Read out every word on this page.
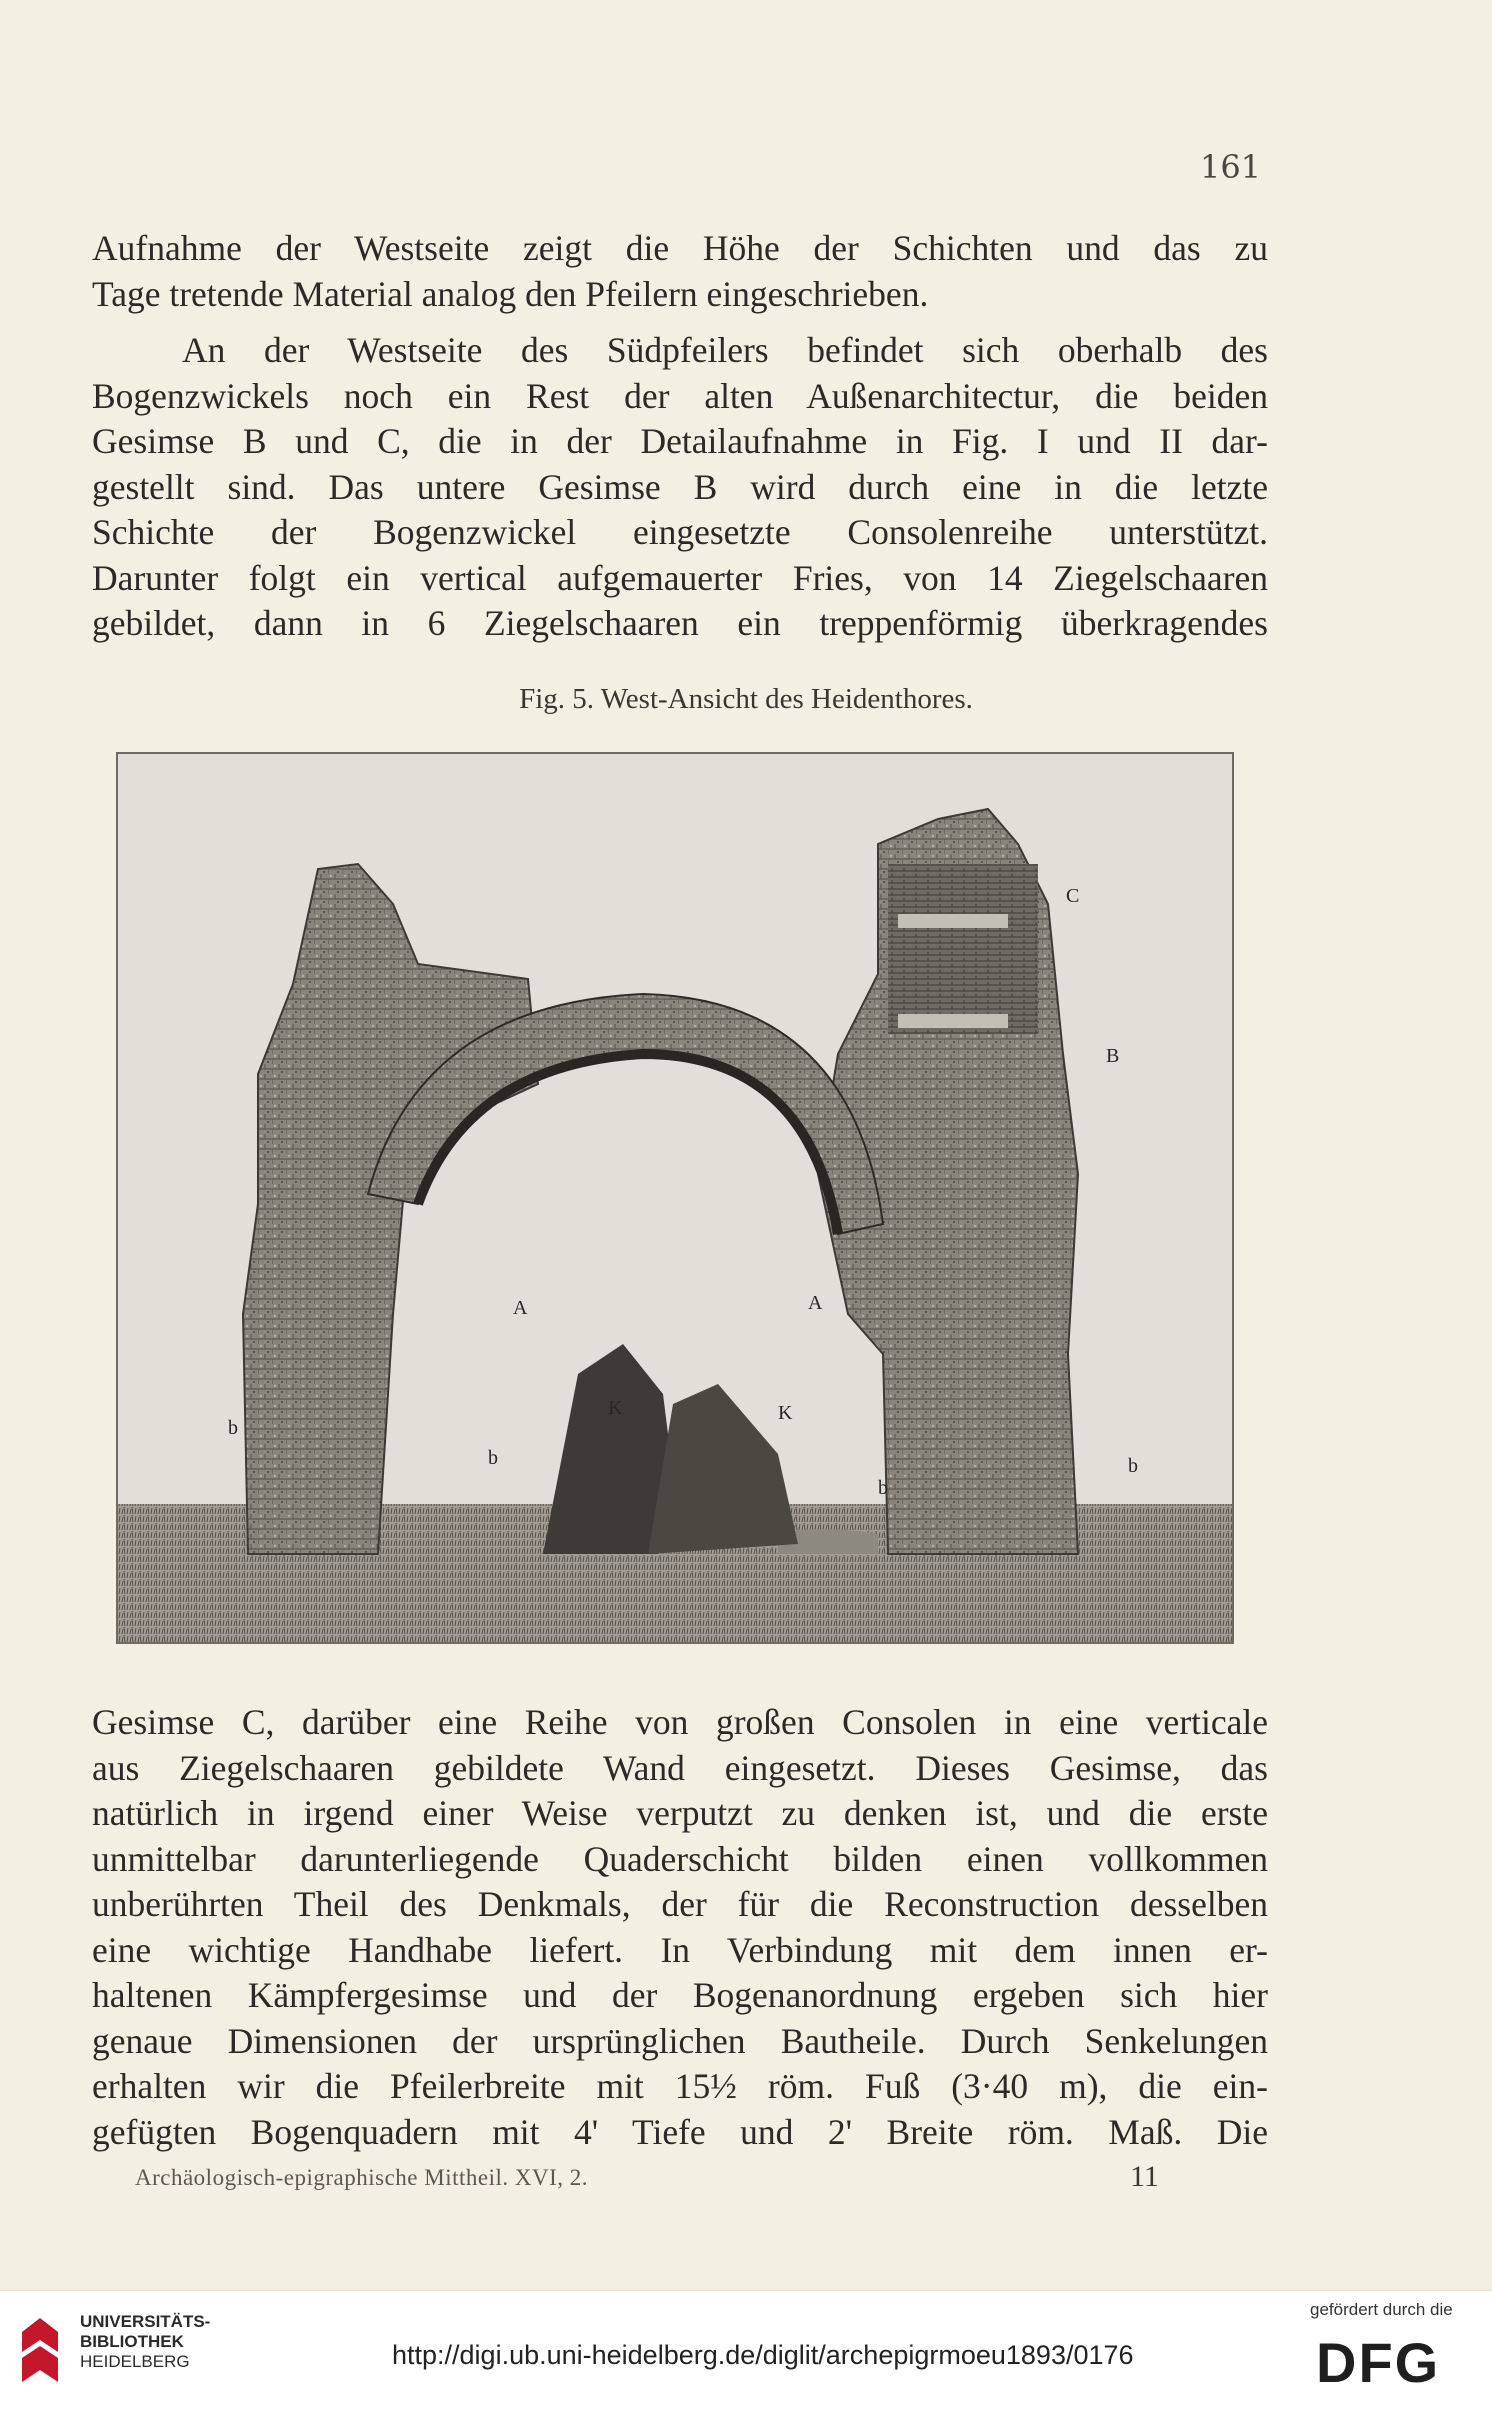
161
Aufnahme der Westseite zeigt die Höhe der Schichten und das zu
Tage tretende Material analog den Pfeilern eingeschrieben.
An der Westseite des Südpfeilers befindet sich oberhalb des
Bogenzwickels noch ein Rest der alten Außenarchitectur, die beiden
Gesimse B und C, die in der Detailaufnahme in Fig. I und II dar-
gestellt sind. Das untere Gesimse B wird durch eine in die letzte
Schichte der Bogenzwickel eingesetzte Consolenreihe unterstützt.
Darunter folgt ein vertical aufgemauerter Fries, von 14 Ziegelschaaren
gebildet, dann in 6 Ziegelschaaren ein treppenförmig überkragendes
Fig. 5. West-Ansicht des Heidenthores.
C
B
A	A
K	K
b
b
b
b
Gesimse C, darüber eine Reihe von großen Consolen in eine verticale
aus Ziegelschaaren gebildete Wand eingesetzt. Dieses Gesimse, das
natürlich in irgend einer Weise verputzt zu denken ist, und die erste
unmittelbar darunterliegende Quaderschicht bilden einen vollkommen
unberührten Theil des Denkmals, der für die Reconstruction desselben
eine wichtige Handhabe liefert. In Verbindung mit dem innen er-
haltenen Kämpfergesimse und der Bogenanordnung ergeben sich hier
genaue Dimensionen der ursprünglichen Bautheile. Durch Senkelungen
erhalten wir die Pfeilerbreite mit 15½ röm. Fuß (3·40 m), die ein-
gefügten Bogenquadern mit 4' Tiefe und 2' Breite röm. Maß. Die
Archäologisch-epigraphische Mittheil. XVI, 2.	11
UNIVERSITÄTS-
BIBLIOTHEK
HEIDELBERG	http://digi.ub.uni-heidelberg.de/diglit/archepigrmoeu1893/0176
gefördert durch die
DFG
